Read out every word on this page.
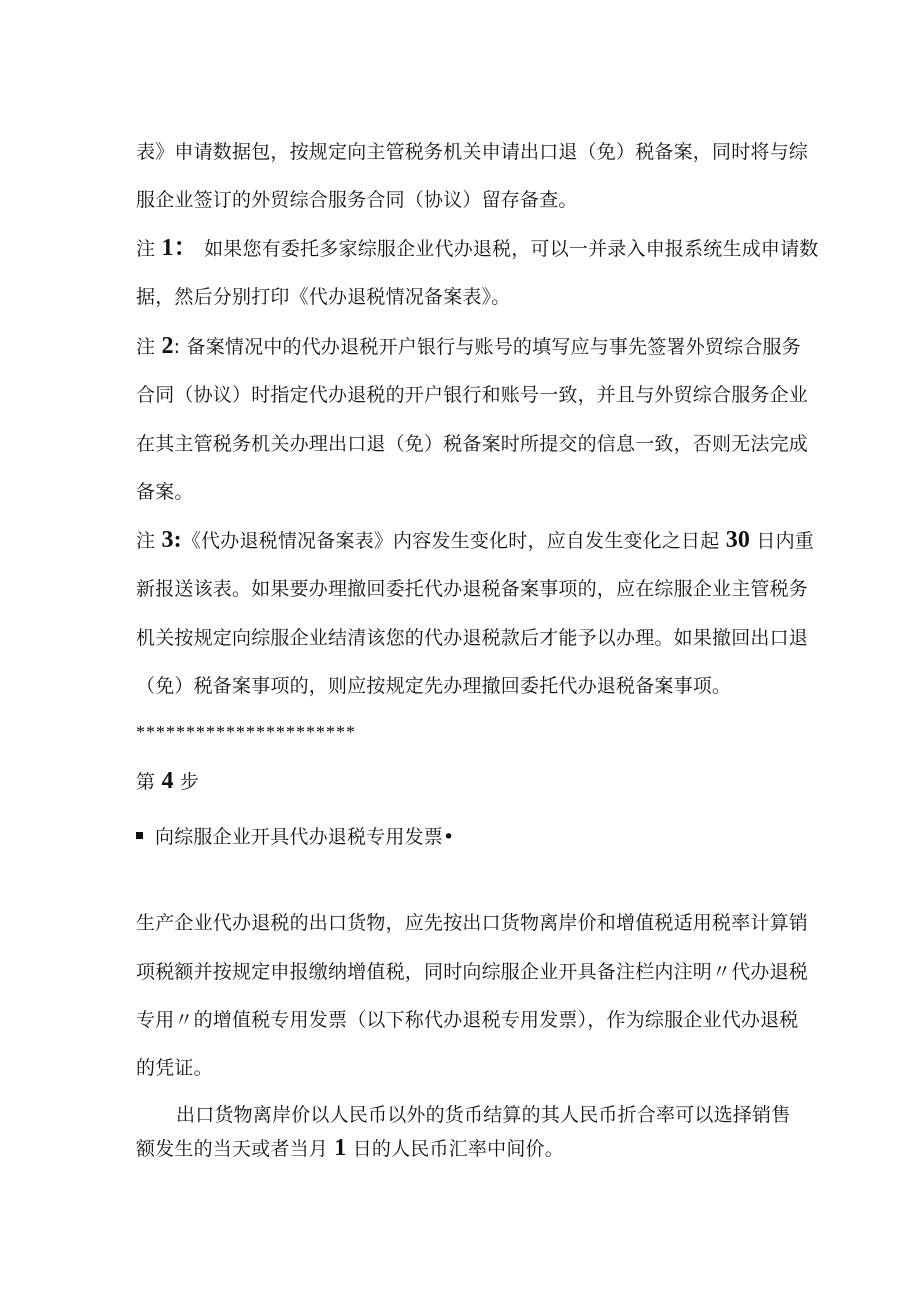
表》申请数据包，按规定向主管税务机关申请出口退（免）税备案，同时将与综
服企业签订的外贸综合服务合同（协议）留存备查。
注 1： 如果您有委托多家综服企业代办退税，可以一并录入申报系统生成申请数
据，然后分别打印《代办退税情况备案表》。
注 2: 备案情况中的代办退税开户银行与账号的填写应与事先签署外贸综合服务
合同（协议）时指定代办退税的开户银行和账号一致，并且与外贸综合服务企业
在其主管税务机关办理出口退（免）税备案时所提交的信息一致，否则无法完成
备案。
注 3:《代办退税情况备案表》内容发生变化时，应自发生变化之日起 30 日内重
新报送该表。如果要办理撤回委托代办退税备案事项的，应在综服企业主管税务
机关按规定向综服企业结清该您的代办退税款后才能予以办理。如果撤回出口退
（免）税备案事项的，则应按规定先办理撤回委托代办退税备案事项。
**********************
第 4 步
向综服企业开具代办退税专用发票•
生产企业代办退税的出口货物，应先按出口货物离岸价和增值税适用税率计算销
项税额并按规定申报缴纳增值税，同时向综服企业开具备注栏内注明〃代办退税
专用〃的增值税专用发票（以下称代办退税专用发票），作为综服企业代办退税
的凭证。
出口货物离岸价以人民币以外的货币结算的其人民币折合率可以选择销售
额发生的当天或者当月 1 日的人民币汇率中间价。
